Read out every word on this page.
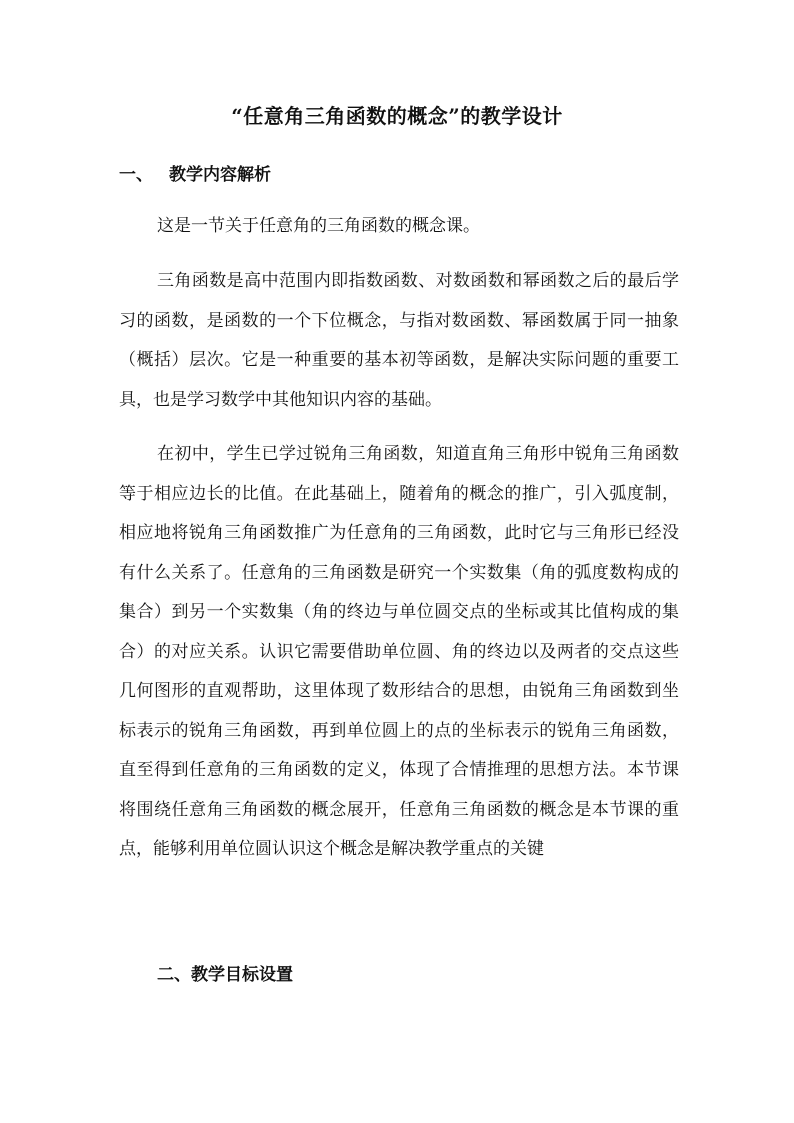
“任意角三角函数的概念”的教学设计
一、 教学内容解析

这是一节关于任意角的三角函数的概念课。

三角函数是高中范围内即指数函数、对数函数和幂函数之后的最后学习的函数，是函数的一个下位概念，与指对数函数、幂函数属于同一抽象（概括）层次。它是一种重要的基本初等函数，是解决实际问题的重要工具，也是学习数学中其他知识内容的基础。

在初中，学生已学过锐角三角函数，知道直角三角形中锐角三角函数等于相应边长的比值。在此基础上，随着角的概念的推广，引入弧度制，相应地将锐角三角函数推广为任意角的三角函数，此时它与三角形已经没有什么关系了。任意角的三角函数是研究一个实数集（角的弧度数构成的集合）到另一个实数集（角的终边与单位圆交点的坐标或其比值构成的集合）的对应关系。认识它需要借助单位圆、角的终边以及两者的交点这些几何图形的直观帮助，这里体现了数形结合的思想，由锐角三角函数到坐标表示的锐角三角函数，再到单位圆上的点的坐标表示的锐角三角函数，直至得到任意角的三角函数的定义，体现了合情推理的思想方法。本节课将围绕任意角三角函数的概念展开，任意角三角函数的概念是本节课的重点，能够利用单位圆认识这个概念是解决教学重点的关键

二、 教学目标设置
